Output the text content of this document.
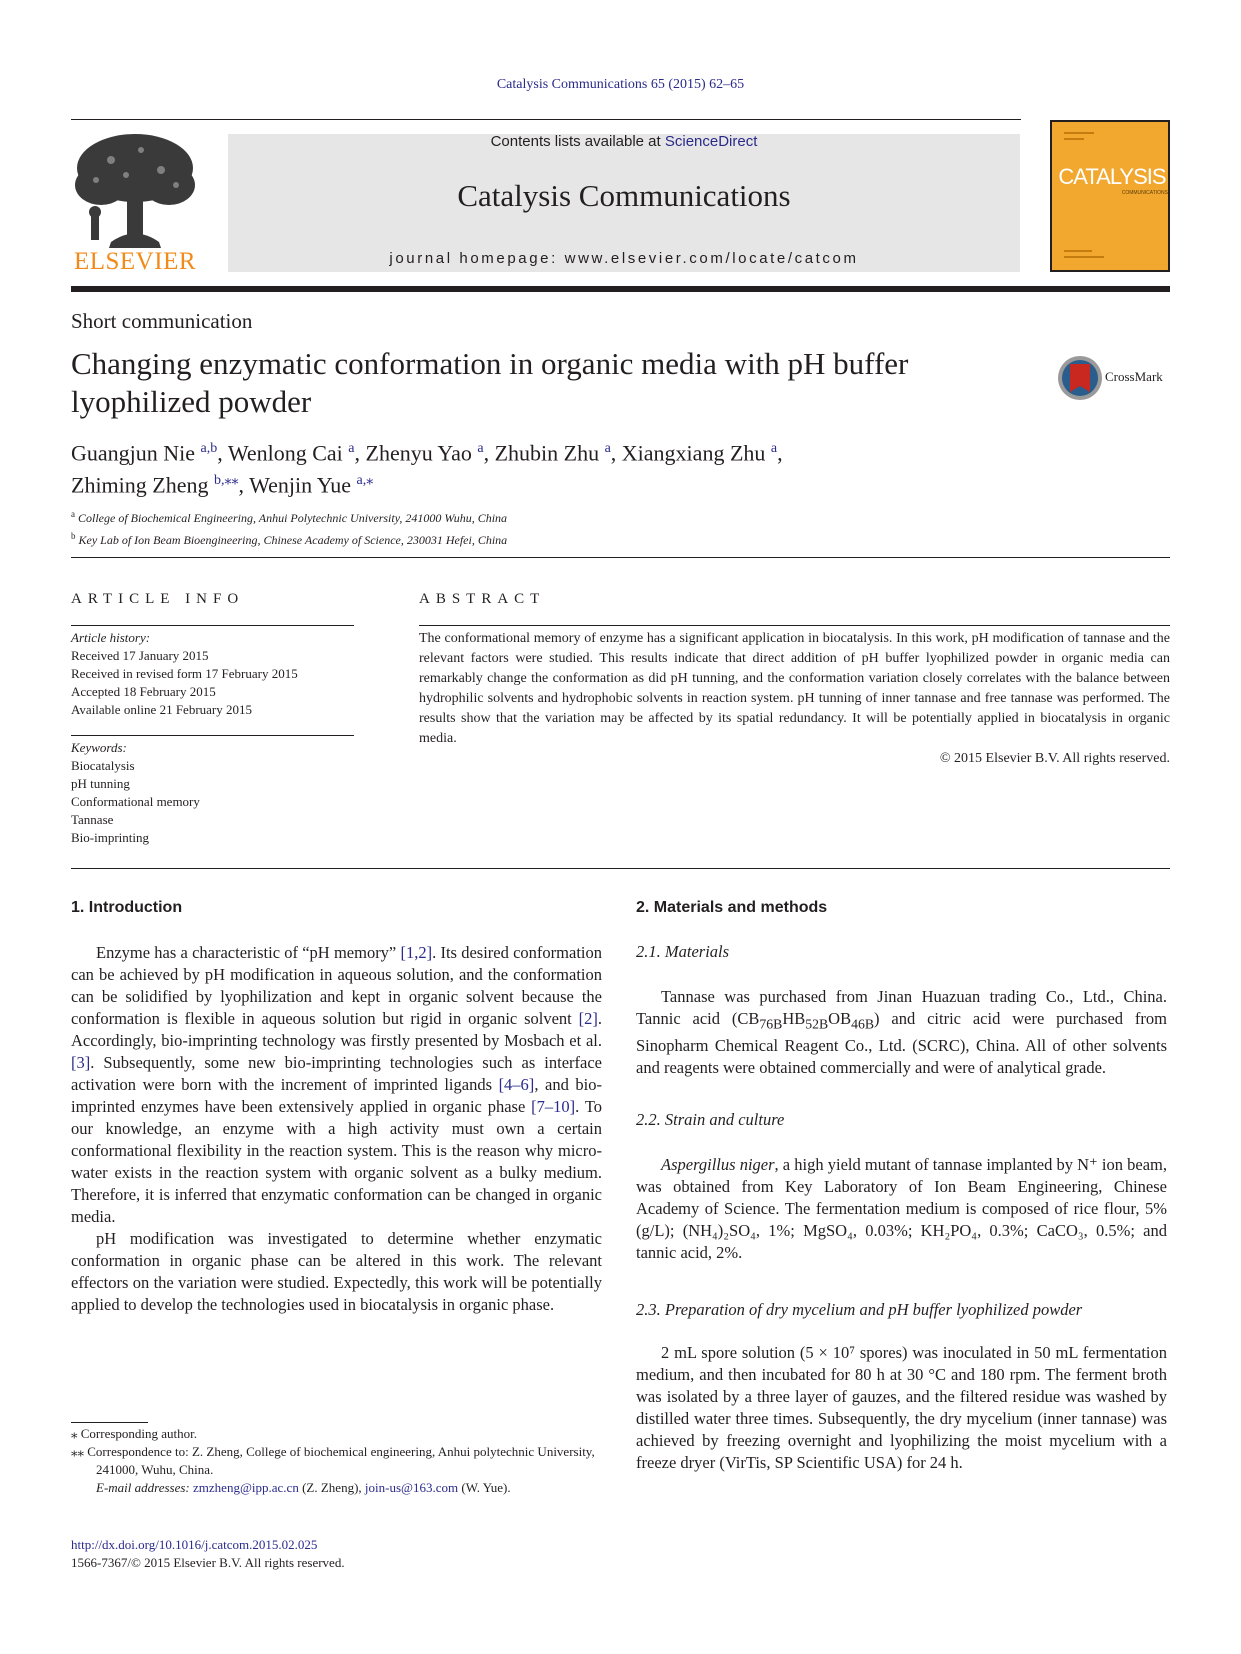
Catalysis Communications 65 (2015) 62–65
ELSEVIER
Contents lists available at ScienceDirect
Catalysis Communications
journal homepage: www.elsevier.com/locate/catcom
CATALYSIS
COMMUNICATIONS
Short communication
Changing enzymatic conformation in organic media with pH buffer lyophilized powder
CrossMark
Guangjun Nie $^{a,b}$, Wenlong Cai $^a$, Zhenyu Yao $^a$, Zhubin Zhu $^a$, Xiangxiang Zhu $^a$,
Zhiming Zheng $^{b,⁎⁎}$, Wenjin Yue $^{a,⁎}$
$^a$ College of Biochemical Engineering, Anhui Polytechnic University, 241000 Wuhu, China
$^b$ Key Lab of Ion Beam Bioengineering, Chinese Academy of Science, 230031 Hefei, China
ARTICLE INFO
Article history:
Received 17 January 2015
Received in revised form 17 February 2015
Accepted 18 February 2015
Available online 21 February 2015
Keywords:
Biocatalysis
pH tunning
Conformational memory
Tannase
Bio-imprinting
ABSTRACT
The conformational memory of enzyme has a significant application in biocatalysis. In this work, pH modification of tannase and the relevant factors were studied. This results indicate that direct addition of pH buffer lyophilized powder in organic media can remarkably change the conformation as did pH tunning, and the conformation variation closely correlates with the balance between hydrophilic solvents and hydrophobic solvents in reaction system. pH tunning of inner tannase and free tannase was performed. The results show that the variation may be affected by its spatial redundancy. It will be potentially applied in biocatalysis in organic media.
© 2015 Elsevier B.V. All rights reserved.
1. Introduction

Enzyme has a characteristic of “pH memory” [1,2]. Its desired conformation can be achieved by pH modification in aqueous solution, and the conformation can be solidified by lyophilization and kept in organic solvent because the conformation is flexible in aqueous solution but rigid in organic solvent [2]. Accordingly, bio-imprinting technology was firstly presented by Mosbach et al. [3]. Subsequently, some new bio-imprinting technologies such as interface activation were born with the increment of imprinted ligands [4–6], and bio-imprinted enzymes have been extensively applied in organic phase [7–10]. To our knowledge, an enzyme with a high activity must own a certain conformational flexibility in the reaction system. This is the reason why micro-water exists in the reaction system with organic solvent as a bulky medium. Therefore, it is inferred that enzymatic conformation can be changed in organic media.

pH modification was investigated to determine whether enzymatic conformation in organic phase can be altered in this work. The relevant effectors on the variation were studied. Expectedly, this work will be potentially applied to develop the technologies used in biocatalysis in organic phase.

2. Materials and methods
2.1. Materials

Tannase was purchased from Jinan Huazuan trading Co., Ltd., China. Tannic acid $(CB_{76B}HB_{52B}OB_{46B})$ and citric acid were purchased from Sinopharm Chemical Reagent Co., Ltd. (SCRC), China. All of other solvents and reagents were obtained commercially and were of analytical grade.

2.2. Strain and culture

Aspergillus niger, a high yield mutant of tannase implanted by N⁺ ion beam, was obtained from Key Laboratory of Ion Beam Engineering, Chinese Academy of Science. The fermentation medium is composed of rice flour, 5% (g/L); (NH₄)₂SO₄, 1%; MgSO₄, 0.03%; KH₂PO₄, 0.3%; CaCO₃, 0.5%; and tannic acid, 2%.

2.3. Preparation of dry mycelium and pH buffer lyophilized powder

2 mL spore solution (5 × 10⁷ spores) was inoculated in 50 mL fermentation medium, and then incubated for 80 h at 30 °C and 180 rpm. The ferment broth was isolated by a three layer of gauzes, and the filtered residue was washed by distilled water three times. Subsequently, the dry mycelium (inner tannase) was achieved by freezing overnight and lyophilizing the moist mycelium with a freeze dryer (VirTis, SP Scientific USA) for 24 h.

⁎ Corresponding author.
⁎⁎ Correspondence to: Z. Zheng, College of biochemical engineering, Anhui polytechnic University, 241000, Wuhu, China.
E-mail addresses: zmzheng@ipp.ac.cn (Z. Zheng), join-us@163.com (W. Yue).
http://dx.doi.org/10.1016/j.catcom.2015.02.025
1566-7367/© 2015 Elsevier B.V. All rights reserved.
